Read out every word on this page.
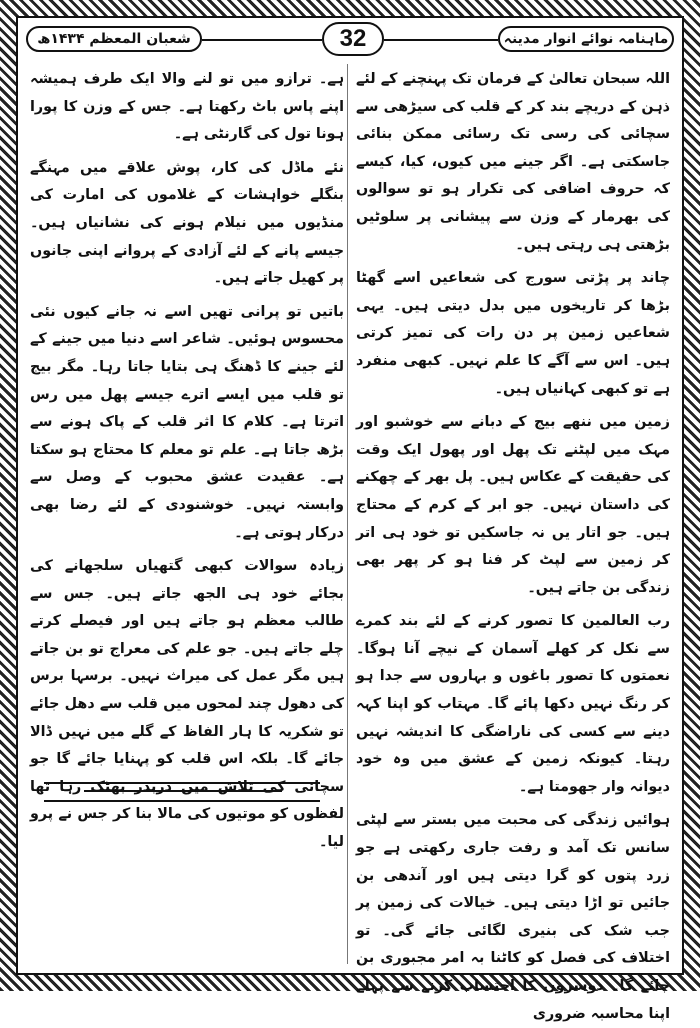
شعبان المعظم ۱۴۳۴ھ	32	ماہنامہ نوائے انوار مدینہ

اللہ سبحان تعالیٰ کے فرمان تک پہنچنے کے لئے ذہن کے دریچے بند کر کے قلب کی سیڑھی سے سچائی کی رسی تک رسائی ممکن بنائی جاسکتی ہے۔ اگر جینے میں کیوں، کیا، کیسے کہ حروف اضافی کی تکرار ہو تو سوالوں کی بھرمار کے وزن سے پیشانی پر سلوٹیں بڑھتی ہی رہتی ہیں۔

چاند پر پڑتی سورج کی شعاعیں اسے گھٹا بڑھا کر تاریخوں میں بدل دیتی ہیں۔ یہی شعاعیں زمین پر دن رات کی تمیز کرتی ہیں۔ اس سے آگے کا علم نہیں۔ کبھی منفرد ہے تو کبھی کہانیاں ہیں۔

زمین میں ننھے بیج کے دبانے سے خوشبو اور مہک میں لپٹنے تک پھل اور پھول ایک وقت کی حقیقت کے عکاس ہیں۔ پل بھر کے چھکنے کی داستان نہیں۔ جو ابر کے کرم کے محتاج ہیں۔ جو اتار یں نہ جاسکیں تو خود ہی اتر کر زمین سے لپٹ کر فنا ہو کر پھر بھی زندگی بن جاتے ہیں۔

رب العالمین کا تصور کرنے کے لئے بند کمرے سے نکل کر کھلے آسمان کے نیچے آنا ہوگا۔ نعمتوں کا تصور باغوں و بہاروں سے جدا ہو کر رنگ نہیں دکھا پائے گا۔ مہتاب کو اپنا کہہ دینے سے کسی کی ناراضگی کا اندیشہ نہیں رہتا۔ کیونکہ زمین کے عشق میں وہ خود دیوانہ وار جھومتا ہے۔

ہوائیں زندگی کی محبت میں بستر سے لپٹی سانس تک آمد و رفت جاری رکھتی ہے جو زرد پتوں کو گرا دیتی ہیں اور آندھی بن جائیں تو اڑا دیتی ہیں۔ خیالات کی زمین پر جب شک کی بنیری لگائی جائے گی۔ تو اختلاف کی فصل کو کاٹنا بہ امر مجبوری بن جائے گا۔ دوسروں کا احتساب کرنے سے پہلے اپنا محاسبہ ضروری

ہے۔ ترازو میں تو لنے والا ایک طرف ہمیشہ اپنے پاس باٹ رکھتا ہے۔ جس کے وزن کا پورا ہونا تول کی گارنٹی ہے۔

نئے ماڈل کی کار، پوش علاقے میں مہنگے بنگلے خواہشات کے غلاموں کی امارت کی منڈیوں میں نیلام ہونے کی نشانیاں ہیں۔ جیسے پانے کے لئے آزادی کے پروانے اپنی جانوں پر کھیل جاتے ہیں۔

باتیں تو پرانی تھیں اسے نہ جانے کیوں نئی محسوس ہوئیں۔ شاعر اسے دنیا میں جینے کے لئے جینے کا ڈھنگ ہی بتایا جاتا رہا۔ مگر بیج تو قلب میں ایسے اترے جیسے پھل میں رس اترتا ہے۔ کلام کا اثر قلب کے پاک ہونے سے بڑھ جاتا ہے۔ علم تو معلم کا محتاج ہو سکتا ہے۔ عقیدت عشق محبوب کے وصل سے وابستہ نہیں۔ خوشنودی کے لئے رضا بھی درکار ہوتی ہے۔

زیادہ سوالات کبھی گتھیاں سلجھانے کی بجائے خود ہی الجھ جاتے ہیں۔ جس سے طالب معظم ہو جاتے ہیں اور فیصلے کرتے چلے جاتے ہیں۔ جو علم کی معراج تو بن جاتے ہیں مگر عمل کی میراث نہیں۔ برسہا برس کی دھول چند لمحوں میں قلب سے دھل جائے تو شکریہ کا ہار الفاظ کے گلے میں نہیں ڈالا جائے گا۔ بلکہ اس قلب کو پہنایا جائے گا جو سچائی کی تلاش میں دربدر بھٹک رہا تھا لفظوں کو موتیوں کی مالا بنا کر جس نے پرو لیا۔
